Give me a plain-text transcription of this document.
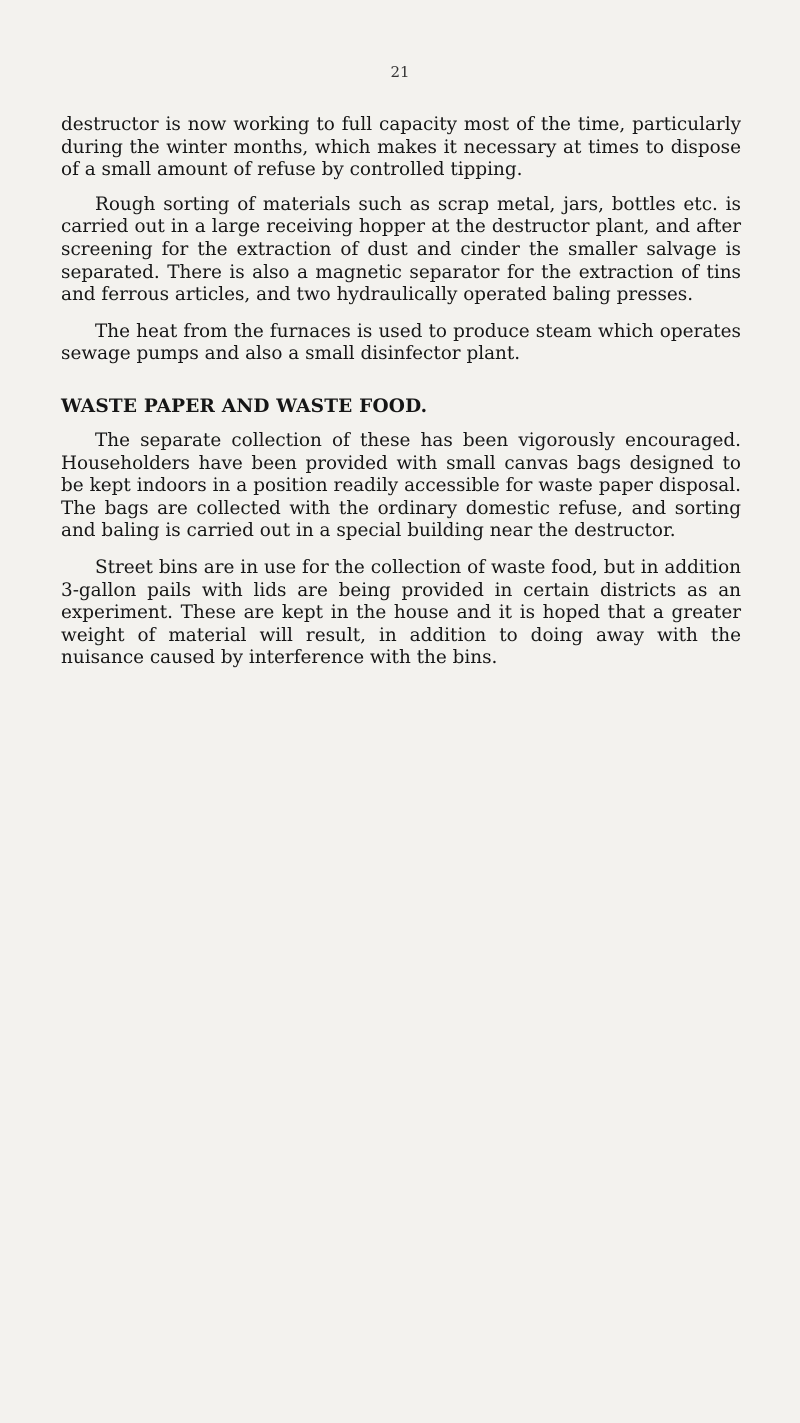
21

destructor is now working to full capacity most of the time, particularly during the winter months, which makes it necessary at times to dispose of a small amount of refuse by controlled tipping.

Rough sorting of materials such as scrap metal, jars, bottles etc. is carried out in a large receiving hopper at the destructor plant, and after screening for the extraction of dust and cinder the smaller salvage is separated. There is also a magnetic separator for the extraction of tins and ferrous articles, and two hydraulically operated baling presses.

The heat from the furnaces is used to produce steam which operates sewage pumps and also a small disinfector plant.

WASTE PAPER AND WASTE FOOD.

The separate collection of these has been vigorously encouraged. Householders have been provided with small canvas bags designed to be kept indoors in a position readily accessible for waste paper disposal. The bags are collected with the ordinary domestic refuse, and sorting and baling is carried out in a special building near the destructor.

Street bins are in use for the collection of waste food, but in addition 3-gallon pails with lids are being provided in certain districts as an experiment. These are kept in the house and it is hoped that a greater weight of material will result, in addition to doing away with the nuisance caused by interference with the bins.
